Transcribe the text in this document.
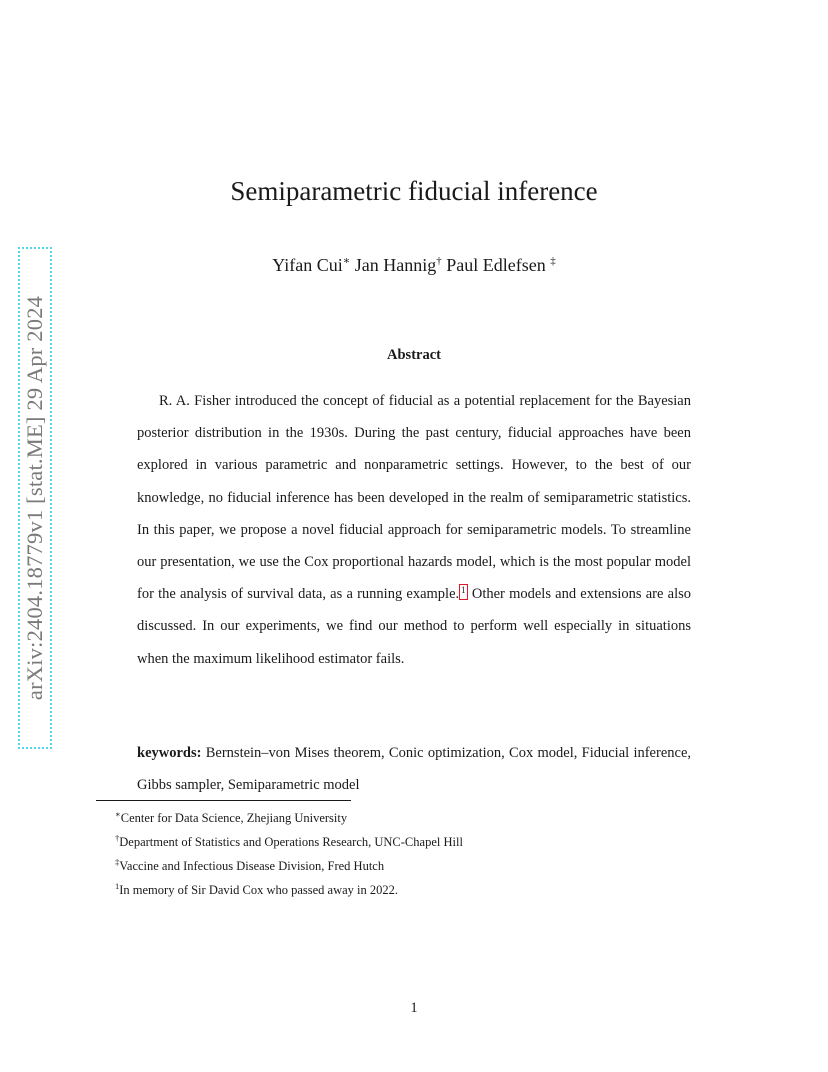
arXiv:2404.18779v1 [stat.ME] 29 Apr 2024
Semiparametric fiducial inference
Yifan Cui∗ Jan Hannig† Paul Edlefsen ‡
Abstract

R. A. Fisher introduced the concept of fiducial as a potential replacement for the Bayesian posterior distribution in the 1930s. During the past century, fiducial approaches have been explored in various parametric and nonparametric settings. However, to the best of our knowledge, no fiducial inference has been developed in the realm of semiparametric statistics. In this paper, we propose a novel fiducial approach for semiparametric models. To streamline our presentation, we use the Cox proportional hazards model, which is the most popular model for the analysis of survival data, as a running example. 1 Other models and extensions are also discussed. In our experiments, we find our method to perform well especially in situations when the maximum likelihood estimator fails.

keywords: Bernstein–von Mises theorem, Conic optimization, Cox model, Fiducial inference, Gibbs sampler, Semiparametric model

∗Center for Data Science, Zhejiang University
†Department of Statistics and Operations Research, UNC-Chapel Hill
‡Vaccine and Infectious Disease Division, Fred Hutch
$^1$In memory of Sir David Cox who passed away in 2022.
1
